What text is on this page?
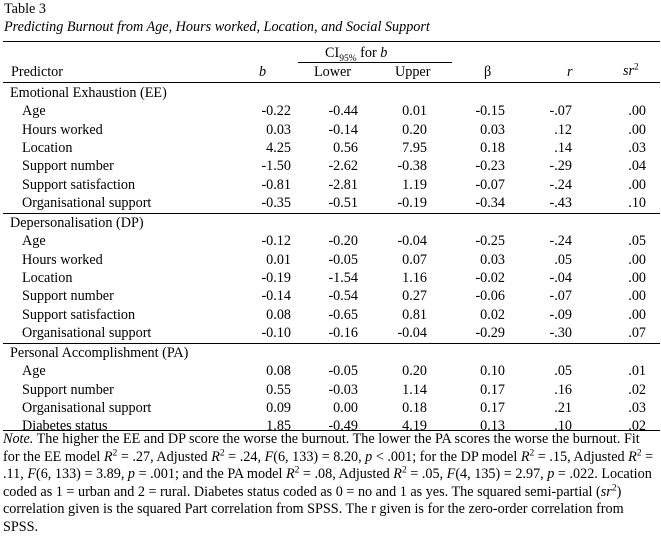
Table 3
Predicting Burnout from Age, Hours worked, Location, and Social Support
$CI_{95\%}$ for b
Predictor	b	Lower	Upper	β	r	$sr^2$
Emotional Exhaustion (EE)
Age	-0.22	-0.44	0.01	-0.15	-.07	.00
Hours worked	0.03	-0.14	0.20	0.03	.12	.00
Location	4.25	0.56	7.95	0.18	.14	.03
Support number	-1.50	-2.62	-0.38	-0.23	-.29	.04
Support satisfaction	-0.81	-2.81	1.19	-0.07	-.24	.00
Organisational support	-0.35	-0.51	-0.19	-0.34	-.43	.10
Depersonalisation (DP)
Age	-0.12	-0.20	-0.04	-0.25	-.24	.05
Hours worked	0.01	-0.05	0.07	0.03	.05	.00
Location	-0.19	-1.54	1.16	-0.02	-.04	.00
Support number	-0.14	-0.54	0.27	-0.06	-.07	.00
Support satisfaction	0.08	-0.65	0.81	0.02	-.09	.00
Organisational support	-0.10	-0.16	-0.04	-0.29	-.30	.07
Personal Accomplishment (PA)
Age	0.08	-0.05	0.20	0.10	.05	.01
Support number	0.55	-0.03	1.14	0.17	.16	.02
Organisational support	0.09	0.00	0.18	0.17	.21	.03
Diabetes status	1.85	-0.49	4.19	0.13	.10	.02
Note. The higher the EE and DP score the worse the burnout. The lower the PA scores the worse the burnout. Fit for the EE model $R^2 = .27$, Adjusted $R^2 = .24$, F(6, 133) = 8.20, p < .001; for the DP model $R^2 = .15$, Adjusted $R^2 = .11$, F(6, 133) = 3.89, p = .001; and the PA model $R^2 = .08$, Adjusted $R^2 = .05$, F(4, 135) = 2.97, p = .022. Location coded as 1 = urban and 2 = rural. Diabetes status coded as 0 = no and 1 as yes. The squared semi-partial $(sr^2)$ correlation given is the squared Part correlation from SPSS. The r given is for the zero-order correlation from SPSS.
